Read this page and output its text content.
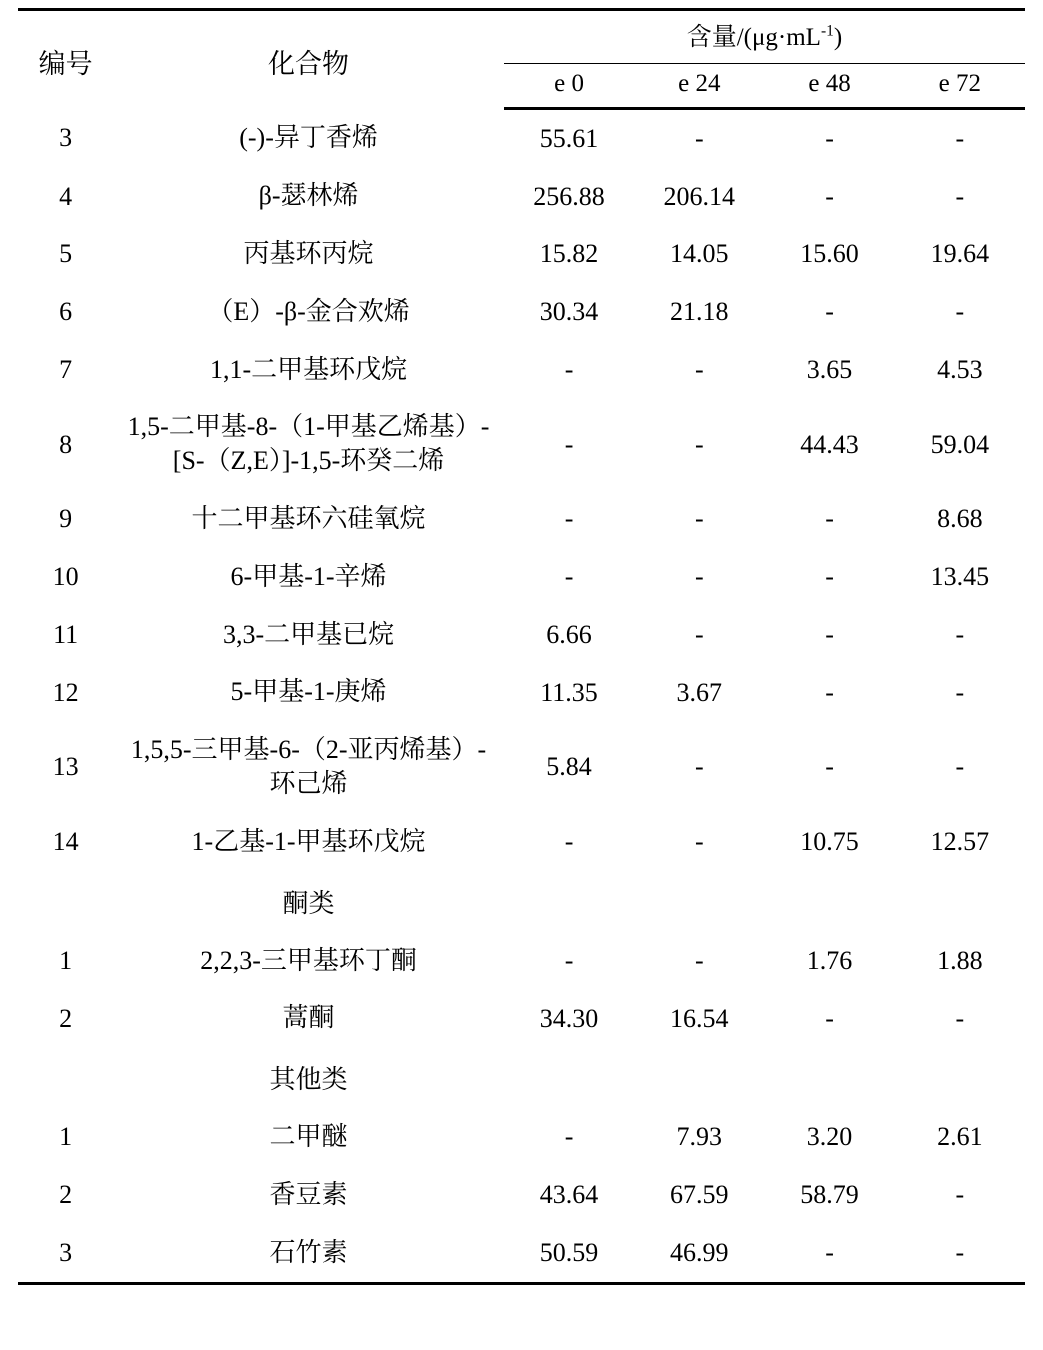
编号	化合物	含量$/(\mu g\cdot mL^{-1})$			
		e 0	e 24	e 48	e 72
3	(-)-异丁香烯	55.61	-	-	-
4	β-瑟林烯	256.88	206.14	-	-
5	丙基环丙烷	15.82	14.05	15.60	19.64
6	（E）-β-金合欢烯	30.34	21.18	-	-
7	1,1-二甲基环戊烷	-	-	3.65	4.53
8	1,5-二甲基-8-（1-甲基乙烯基）-
[S-（Z,E）]-1,5-环癸二烯	-	-	44.43	59.04
9	十二甲基环六硅氧烷	-	-	-	8.68
10	6-甲基-1-辛烯	-	-	-	13.45
11	3,3-二甲基已烷	6.66	-	-	-
12	5-甲基-1-庚烯	11.35	3.67	-	-
13	1,5,5-三甲基-6-（2-亚丙烯基）-
环己烯	5.84	-	-	-
14	1-乙基-1-甲基环戊烷	-	-	10.75	12.57
	酮类				
1	2,2,3-三甲基环丁酮	-	-	1.76	1.88
2	蒿酮	34.30	16.54	-	-
	其他类				
1	二甲醚	-	7.93	3.20	2.61
2	香豆素	43.64	67.59	58.79	-
3	石竹素	50.59	46.99	-	-
